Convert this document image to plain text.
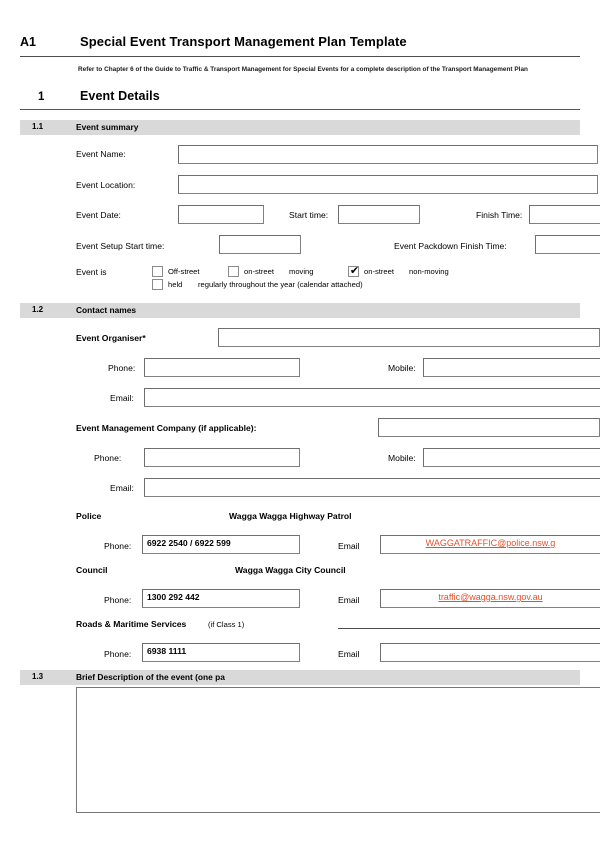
A1	Special Event Transport Management Plan Template
Refer to Chapter 6 of the Guide to Traffic & Transport Management for Special Events for a complete description of the Transport Management Plan
1	Event Details
1.1	Event summary
Event Name:
Event Location:
Event Date:	Start time:	Finish Time:
Event Setup Start time:	Event Packdown Finish Time:
Event is	Off-street	on-street moving	✔ on-street non-moving
held regularly throughout the year (calendar attached)
1.2	Contact names
Event Organiser*
Phone:	Mobile:
Email:
Event Management Company (if applicable):
Phone:	Mobile:
Email:
Police	Wagga Wagga Highway Patrol
Phone:	6922 2540 / 6922 599	Email	WAGGATRAFFIC@police.nsw.g
Council	Wagga Wagga City Council
Phone:	1300 292 442	Email	traffic@wagga.nsw.gov.au
Roads & Maritime Services	(if Class 1)
Phone:	6938 1111	Email
1.3	Brief Description of the event (one pa
